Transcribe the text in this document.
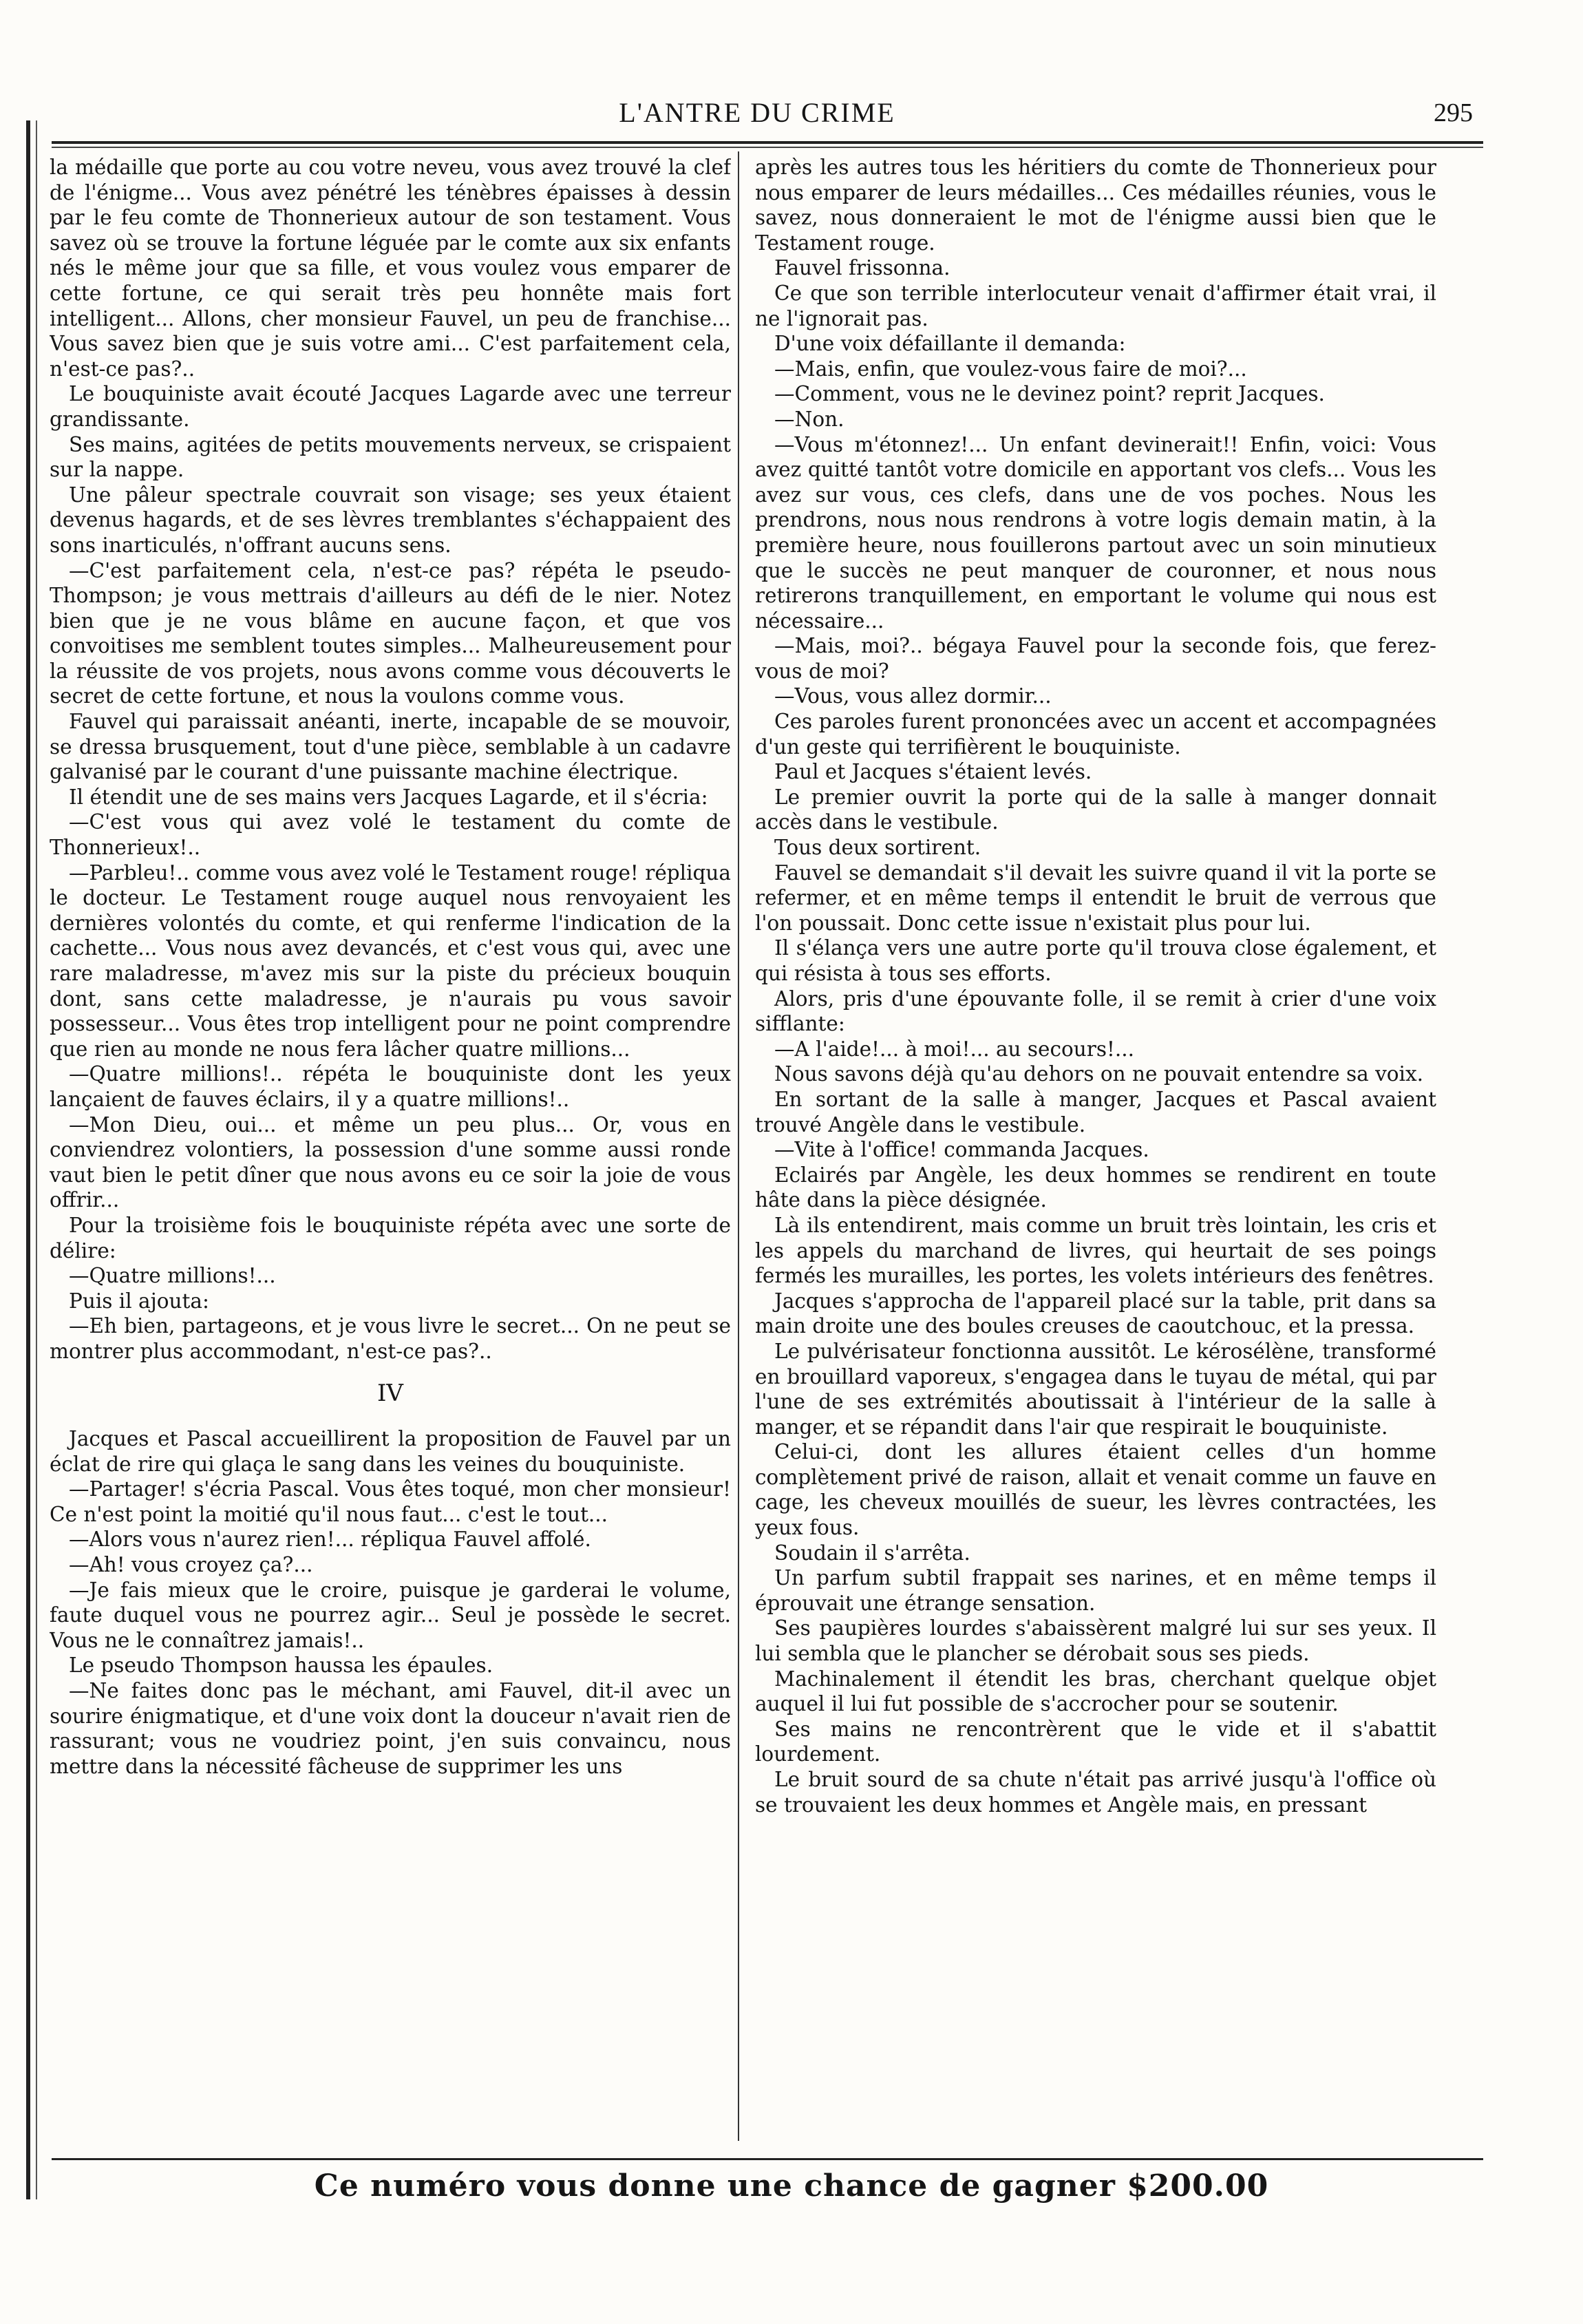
L'ANTRE DU CRIME	295

la médaille que porte au cou votre neveu, vous avez trouvé la clef de l'énigme... Vous avez pénétré les ténèbres épaisses à dessin par le feu comte de Thonnerieux autour de son testament. Vous savez où se trouve la fortune léguée par le comte aux six enfants nés le même jour que sa fille, et vous voulez vous emparer de cette fortune, ce qui serait très peu honnête mais fort intelligent... Allons, cher monsieur Fauvel, un peu de franchise... Vous savez bien que je suis votre ami... C'est parfaitement cela, n'est-ce pas?..

Le bouquiniste avait écouté Jacques Lagarde avec une terreur grandissante.

Ses mains, agitées de petits mouvements nerveux, se crispaient sur la nappe.

Une pâleur spectrale couvrait son visage; ses yeux étaient devenus hagards, et de ses lèvres tremblantes s'échappaient des sons inarticulés, n'offrant aucuns sens.

—C'est parfaitement cela, n'est-ce pas? répéta le pseudo-Thompson; je vous mettrais d'ailleurs au défi de le nier. Notez bien que je ne vous blâme en aucune façon, et que vos convoitises me semblent toutes simples... Malheureusement pour la réussite de vos projets, nous avons comme vous découverts le secret de cette fortune, et nous la voulons comme vous.

Fauvel qui paraissait anéanti, inerte, incapable de se mouvoir, se dressa brusquement, tout d'une pièce, semblable à un cadavre galvanisé par le courant d'une puissante machine électrique.

Il étendit une de ses mains vers Jacques Lagarde, et il s'écria:

—C'est vous qui avez volé le testament du comte de Thonnerieux!..

—Parbleu!.. comme vous avez volé le Testament rouge! répliqua le docteur. Le Testament rouge auquel nous renvoyaient les dernières volontés du comte, et qui renferme l'indication de la cachette... Vous nous avez devancés, et c'est vous qui, avec une rare maladresse, m'avez mis sur la piste du précieux bouquin dont, sans cette maladresse, je n'aurais pu vous savoir possesseur... Vous êtes trop intelligent pour ne point comprendre que rien au monde ne nous fera lâcher quatre millions...

—Quatre millions!.. répéta le bouquiniste dont les yeux lançaient de fauves éclairs, il y a quatre millions!..

—Mon Dieu, oui... et même un peu plus... Or, vous en conviendrez volontiers, la possession d'une somme aussi ronde vaut bien le petit dîner que nous avons eu ce soir la joie de vous offrir...

Pour la troisième fois le bouquiniste répéta avec une sorte de délire:

—Quatre millions!...

Puis il ajouta:

—Eh bien, partageons, et je vous livre le secret... On ne peut se montrer plus accommodant, n'est-ce pas?..

IV

Jacques et Pascal accueillirent la proposition de Fauvel par un éclat de rire qui glaça le sang dans les veines du bouquiniste.

—Partager! s'écria Pascal. Vous êtes toqué, mon cher monsieur! Ce n'est point la moitié qu'il nous faut... c'est le tout...

—Alors vous n'aurez rien!... répliqua Fauvel affolé.

—Ah! vous croyez ça?...

—Je fais mieux que le croire, puisque je garderai le volume, faute duquel vous ne pourrez agir... Seul je possède le secret. Vous ne le connaîtrez jamais!..

Le pseudo Thompson haussa les épaules.

—Ne faites donc pas le méchant, ami Fauvel, dit-il avec un sourire énigmatique, et d'une voix dont la douceur n'avait rien de rassurant; vous ne voudriez point, j'en suis convaincu, nous mettre dans la nécessité fâcheuse de supprimer les uns

après les autres tous les héritiers du comte de Thonnerieux pour nous emparer de leurs médailles... Ces médailles réunies, vous le savez, nous donneraient le mot de l'énigme aussi bien que le Testament rouge.

Fauvel frissonna.

Ce que son terrible interlocuteur venait d'affirmer était vrai, il ne l'ignorait pas.

D'une voix défaillante il demanda:

—Mais, enfin, que voulez-vous faire de moi?...

—Comment, vous ne le devinez point? reprit Jacques.

—Non.

—Vous m'étonnez!... Un enfant devinerait!! Enfin, voici: Vous avez quitté tantôt votre domicile en apportant vos clefs... Vous les avez sur vous, ces clefs, dans une de vos poches. Nous les prendrons, nous nous rendrons à votre logis demain matin, à la première heure, nous fouillerons partout avec un soin minutieux que le succès ne peut manquer de couronner, et nous nous retirerons tranquillement, en emportant le volume qui nous est nécessaire...

—Mais, moi?.. bégaya Fauvel pour la seconde fois, que ferez-vous de moi?

—Vous, vous allez dormir...

Ces paroles furent prononcées avec un accent et accompagnées d'un geste qui terrifièrent le bouquiniste.

Paul et Jacques s'étaient levés.

Le premier ouvrit la porte qui de la salle à manger donnait accès dans le vestibule.

Tous deux sortirent.

Fauvel se demandait s'il devait les suivre quand il vit la porte se refermer, et en même temps il entendit le bruit de verrous que l'on poussait. Donc cette issue n'existait plus pour lui.

Il s'élança vers une autre porte qu'il trouva close également, et qui résista à tous ses efforts.

Alors, pris d'une épouvante folle, il se remit à crier d'une voix sifflante:

—A l'aide!... à moi!... au secours!...

Nous savons déjà qu'au dehors on ne pouvait entendre sa voix.

En sortant de la salle à manger, Jacques et Pascal avaient trouvé Angèle dans le vestibule.

—Vite à l'office! commanda Jacques.

Eclairés par Angèle, les deux hommes se rendirent en toute hâte dans la pièce désignée.

Là ils entendirent, mais comme un bruit très lointain, les cris et les appels du marchand de livres, qui heurtait de ses poings fermés les murailles, les portes, les volets intérieurs des fenêtres.

Jacques s'approcha de l'appareil placé sur la table, prit dans sa main droite une des boules creuses de caoutchouc, et la pressa.

Le pulvérisateur fonctionna aussitôt. Le kérosélène, transformé en brouillard vaporeux, s'engagea dans le tuyau de métal, qui par l'une de ses extrémités aboutissait à l'intérieur de la salle à manger, et se répandit dans l'air que respirait le bouquiniste.

Celui-ci, dont les allures étaient celles d'un homme complètement privé de raison, allait et venait comme un fauve en cage, les cheveux mouillés de sueur, les lèvres contractées, les yeux fous.

Soudain il s'arrêta.

Un parfum subtil frappait ses narines, et en même temps il éprouvait une étrange sensation.

Ses paupières lourdes s'abaissèrent malgré lui sur ses yeux. Il lui sembla que le plancher se dérobait sous ses pieds.

Machinalement il étendit les bras, cherchant quelque objet auquel il lui fut possible de s'accrocher pour se soutenir.

Ses mains ne rencontrèrent que le vide et il s'abattit lourdement.

Le bruit sourd de sa chute n'était pas arrivé jusqu'à l'office où se trouvaient les deux hommes et Angèle mais, en pressant

Ce numéro vous donne une chance de gagner $200.00
